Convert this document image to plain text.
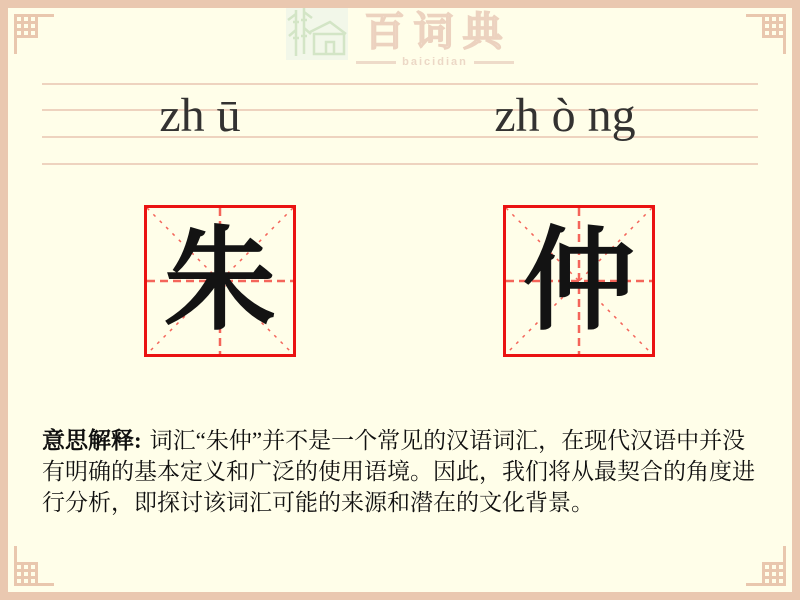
百词典
baicidian
zh ū	zh ò ng
朱 仲

意思解释: 词汇“朱仲”并不是一个常见的汉语词汇，在现代汉语中并没有明确的基本定义和广泛的使用语境。因此，我们将从最契合的角度进行分析，即探讨该词汇可能的来源和潜在的文化背景。
